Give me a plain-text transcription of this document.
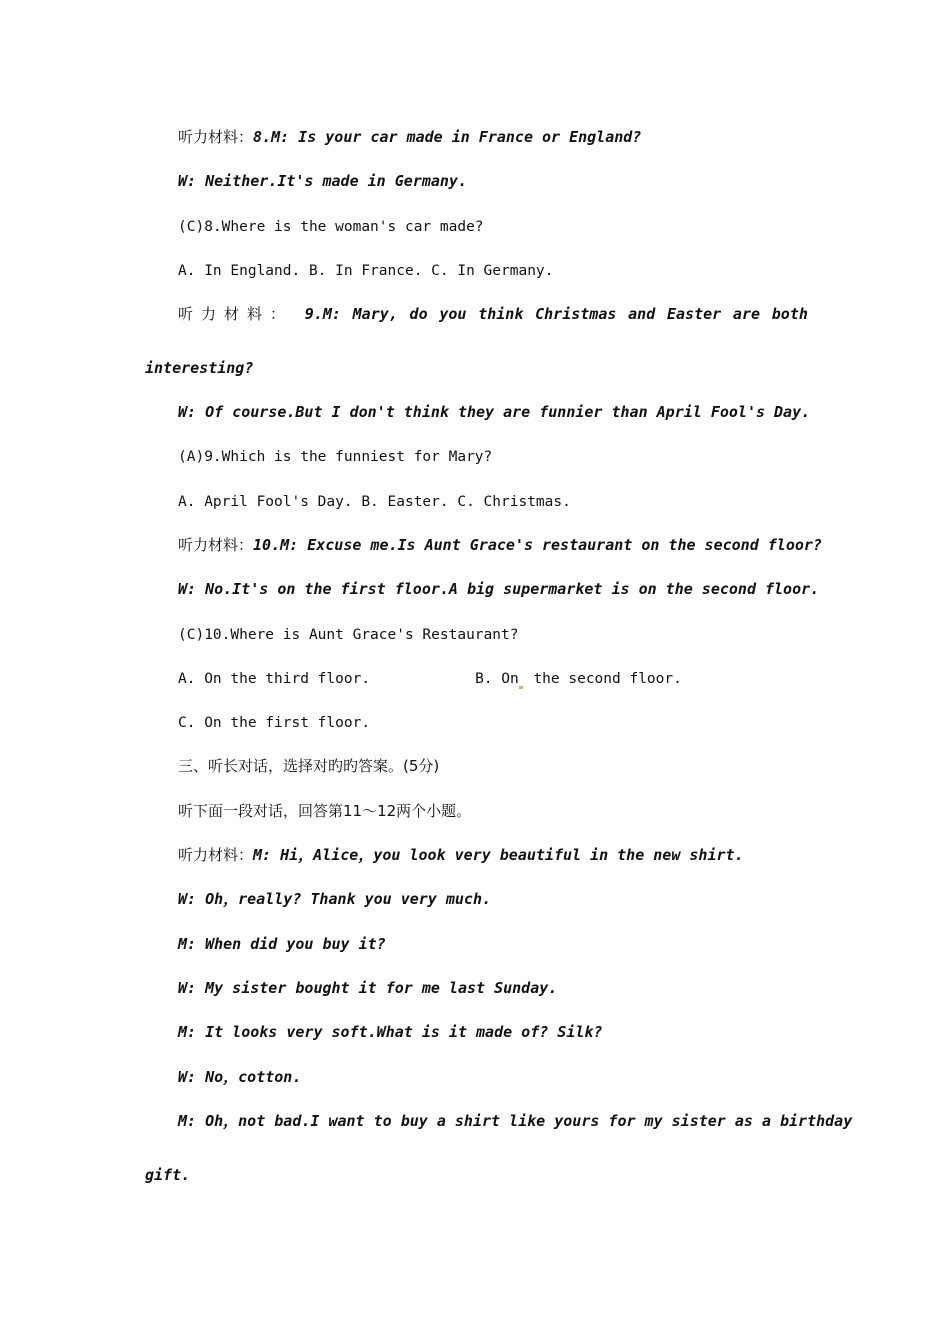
听力材料：8.M: Is your car made in France or England?
W: Neither.It's made in Germany.
(C)8.Where is the woman's car made?
A. In England. B. In France. C. In Germany.
听力材料： 9.M: Mary, do you think Christmas and Easter are both
interesting?
W: Of course.But I don't think they are funnier than April Fool's Day.
(A)9.Which is the funniest for Mary?
A. April Fool's Day. B. Easter. C. Christmas.
听力材料：10.M: Excuse me.Is Aunt Grace's restaurant on the second floor?
W: No.It's on the first floor.A big supermarket is on the second floor.
(C)10.Where is Aunt Grace's Restaurant?
A. On the third floor.	B. On the second floor.
C. On the first floor.
三、听长对话，选择对旳旳答案。(5分)
听下面一段对话，回答第11～12两个小题。
听力材料：M: Hi，Alice，you look very beautiful in the new shirt.
W: Oh，really? Thank you very much.
M: When did you buy it?
W: My sister bought it for me last Sunday.
M: It looks very soft.What is it made of? Silk?
W: No，cotton.
M: Oh，not bad.I want to buy a shirt like yours for my sister as a birthday
gift.
